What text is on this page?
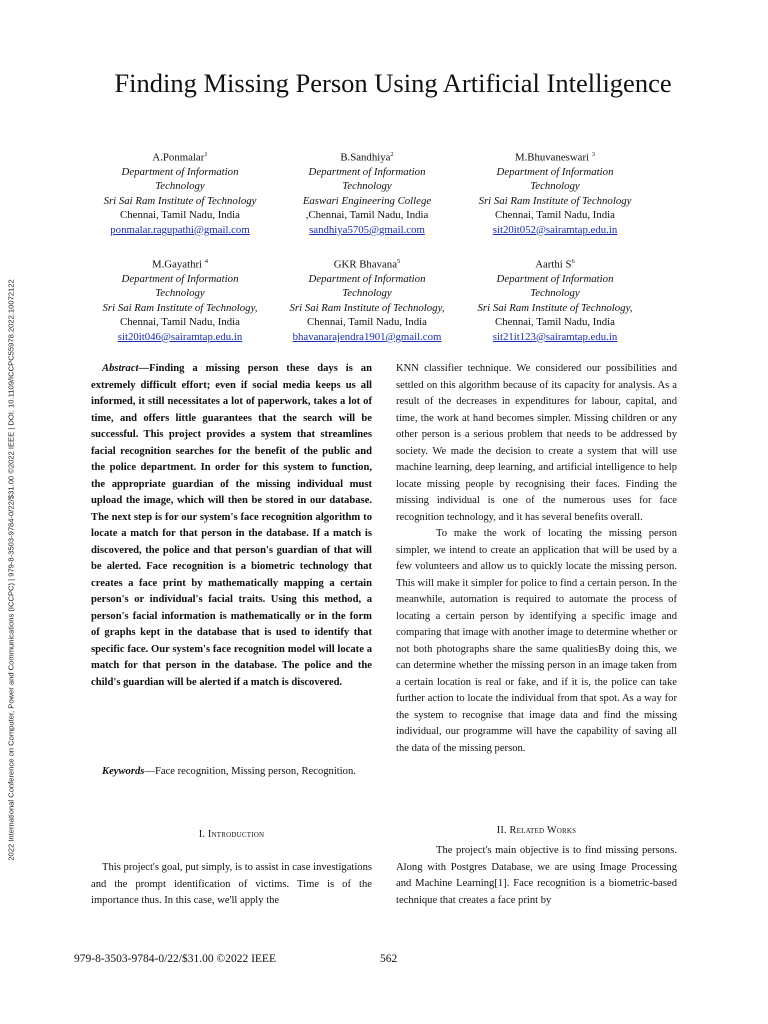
2022 International Conference on Computer, Power and Communications (ICCPC) | 979-8-3503-9784-0/22/$31.00 ©2022 IEEE | DOI: 10.1109/ICCPC55978.2022.10072122
Finding Missing Person Using Artificial Intelligence
A.Ponmalar$^1$
Department of Information
Technology
Sri Sai Ram Institute of Technology
Chennai, Tamil Nadu, India
ponmalar.ragupathi@gmail.com
B.Sandhiya$^2$
Department of Information
Technology
Easwari Engineering College
,Chennai, Tamil Nadu, India
sandhiya5705@gmail.com
M.Bhuvaneswari $^3$
Department of Information
Technology
Sri Sai Ram Institute of Technology
Chennai, Tamil Nadu, India
sit20it052@sairamtap.edu.in
M.Gayathri $^4$
Department of Information
Technology
Sri Sai Ram Institute of Technology,
Chennai, Tamil Nadu, India
sit20it046@sairamtap.edu.in
GKR Bhavana$^5$
Department of Information
Technology
Sri Sai Ram Institute of Technology,
Chennai, Tamil Nadu, India
bhavanarajendra1901@gmail.com
Aarthi $S^6$
Department of Information
Technology
Sri Sai Ram Institute of Technology,
Chennai, Tamil Nadu, India
sit21it123@sairamtap.edu.in

Abstract—Finding a missing person these days is an extremely difficult effort; even if social media keeps us all informed, it still necessitates a lot of paperwork, takes a lot of time, and offers little guarantees that the search will be successful. This project provides a system that streamlines facial recognition searches for the benefit of the public and the police department. In order for this system to function, the appropriate guardian of the missing individual must upload the image, which will then be stored in our database. The next step is for our system's face recognition algorithm to locate a match for that person in the database. If a match is discovered, the police and that person's guardian of that will be alerted. Face recognition is a biometric technology that creates a face print by mathematically mapping a certain person's or individual's facial traits. Using this method, a person's facial information is mathematically or in the form of graphs kept in the database that is used to identify that specific face. Our system's face recognition model will locate a match for that person in the database. The police and the child's guardian will be alerted if a match is discovered.

Keywords—Face recognition, Missing person, Recognition.

I. Introduction

This project's goal, put simply, is to assist in case investigations and the prompt identification of victims. Time is of the importance thus. In this case, we'll apply the

KNN classifier technique. We considered our possibilities and settled on this algorithm because of its capacity for analysis. As a result of the decreases in expenditures for labour, capital, and time, the work at hand becomes simpler. Missing children or any other person is a serious problem that needs to be addressed by society. We made the decision to create a system that will use machine learning, deep learning, and artificial intelligence to help locate missing people by recognising their faces. Finding the missing individual is one of the numerous uses for face recognition technology, and it has several benefits overall.

To make the work of locating the missing person simpler, we intend to create an application that will be used by a few volunteers and allow us to quickly locate the missing person. This will make it simpler for police to find a certain person. In the meanwhile, automation is required to automate the process of locating a certain person by identifying a specific image and comparing that image with another image to determine whether or not both photographs share the same qualitiesBy doing this, we can determine whether the missing person in an image taken from a certain location is real or fake, and if it is, the police can take further action to locate the individual from that spot. As a way for the system to recognise that image data and find the missing individual, our programme will have the capability of saving all the data of the missing person.

II. Related Works

The project's main objective is to find missing persons. Along with Postgres Database, we are using Image Processing and Machine Learning[1]. Face recognition is a biometric-based technique that creates a face print by

979-8-3503-9784-0/22/$31.00 ©2022 IEEE	562
